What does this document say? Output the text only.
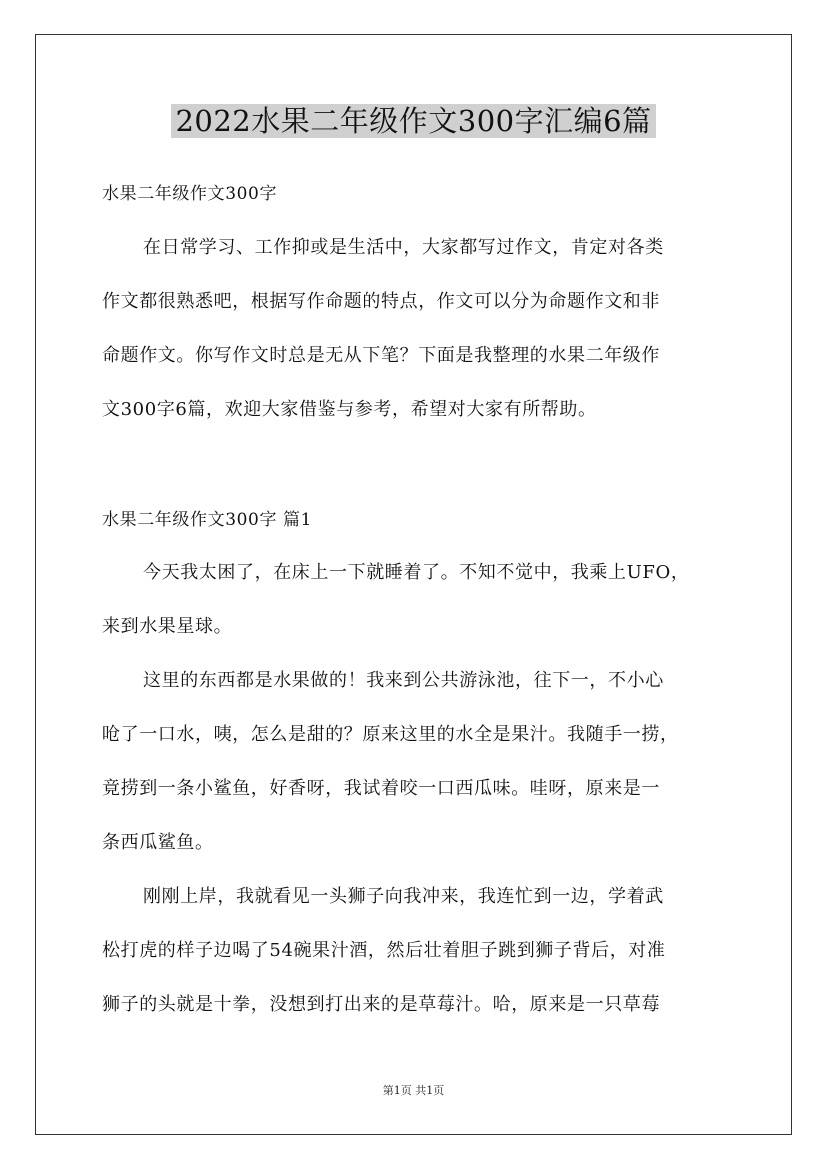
2022水果二年级作文300字汇编6篇
水果二年级作文300字
在日常学习、工作抑或是生活中，大家都写过作文，肯定对各类
作文都很熟悉吧，根据写作命题的特点，作文可以分为命题作文和非
命题作文。你写作文时总是无从下笔？下面是我整理的水果二年级作
文300字6篇，欢迎大家借鉴与参考，希望对大家有所帮助。
水果二年级作文300字 篇1
今天我太困了，在床上一下就睡着了。不知不觉中，我乘上UFO，
来到水果星球。
这里的东西都是水果做的！我来到公共游泳池，往下一，不小心
呛了一口水，咦，怎么是甜的？原来这里的水全是果汁。我随手一捞，
竟捞到一条小鲨鱼，好香呀，我试着咬一口西瓜味。哇呀，原来是一
条西瓜鲨鱼。
刚刚上岸，我就看见一头狮子向我冲来，我连忙到一边，学着武
松打虎的样子边喝了54碗果汁酒，然后壮着胆子跳到狮子背后，对准
狮子的头就是十拳，没想到打出来的是草莓汁。哈，原来是一只草莓
第1页 共1页
